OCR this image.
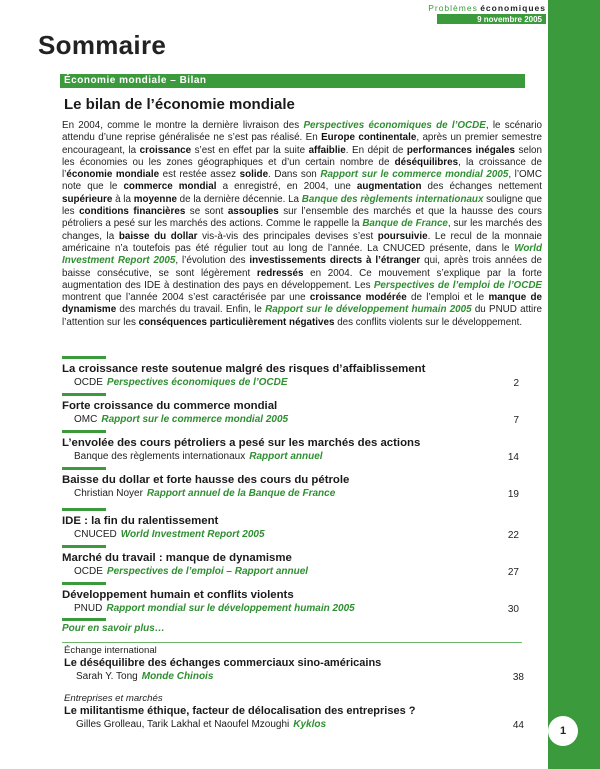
Problèmes économiques
9 novembre 2005
Sommaire
Économie mondiale – Bilan
Le bilan de l’économie mondiale

En 2004, comme le montre la dernière livraison des Perspectives économiques de l’OCDE, le scénario attendu d’une reprise généralisée ne s’est pas réalisé. En Europe continentale, après un premier semestre encourageant, la croissance s’est en effet par la suite affaiblie. En dépit de performances inégales selon les économies ou les zones géographiques et d’un certain nombre de déséquilibres, la croissance de l’économie mondiale est restée assez solide. Dans son Rapport sur le commerce mondial 2005, l’OMC note que le commerce mondial a enregistré, en 2004, une augmentation des échanges nettement supérieure à la moyenne de la dernière décennie. La Banque des règlements internationaux souligne que les conditions financières se sont assouplies sur l’ensemble des marchés et que la hausse des cours pétroliers a pesé sur les marchés des actions. Comme le rappelle la Banque de France, sur les marchés des changes, la baisse du dollar vis-à-vis des principales devises s’est poursuivie. Le recul de la monnaie américaine n’a toutefois pas été régulier tout au long de l’année. La CNUCED présente, dans le World Investment Report 2005, l’évolution des investissements directs à l’étranger qui, après trois années de baisse consécutive, se sont légèrement redressés en 2004. Ce mouvement s’explique par la forte augmentation des IDE à destination des pays en développement. Les Perspectives de l’emploi de l’OCDE montrent que l’année 2004 s’est caractérisée par une croissance modérée de l’emploi et le manque de dynamisme des marchés du travail. Enfin, le Rapport sur le développement humain 2005 du PNUD attire l’attention sur les conséquences particulièrement négatives des conflits violents sur le développement.

La croissance reste soutenue malgré des risques d’affaiblissement
OCDE Perspectives économiques de l’OCDE	2
Forte croissance du commerce mondial
OMC Rapport sur le commerce mondial 2005	7
L’envolée des cours pétroliers a pesé sur les marchés des actions
Banque des règlements internationaux Rapport annuel	14
Baisse du dollar et forte hausse des cours du pétrole
Christian Noyer Rapport annuel de la Banque de France	19
IDE : la fin du ralentissement
CNUCED World Investment Report 2005	22
Marché du travail : manque de dynamisme
OCDE Perspectives de l’emploi – Rapport annuel	27
Développement humain et conflits violents
PNUD Rapport mondial sur le développement humain 2005	30
Pour en savoir plus…
Échange international
Le déséquilibre des échanges commerciaux sino-américains
Sarah Y. Tong Monde Chinois	38
Entreprises et marchés
Le militantisme éthique, facteur de délocalisation des entreprises ?
Gilles Grolleau, Tarik Lakhal et Naoufel Mzoughi Kyklos	44	1
